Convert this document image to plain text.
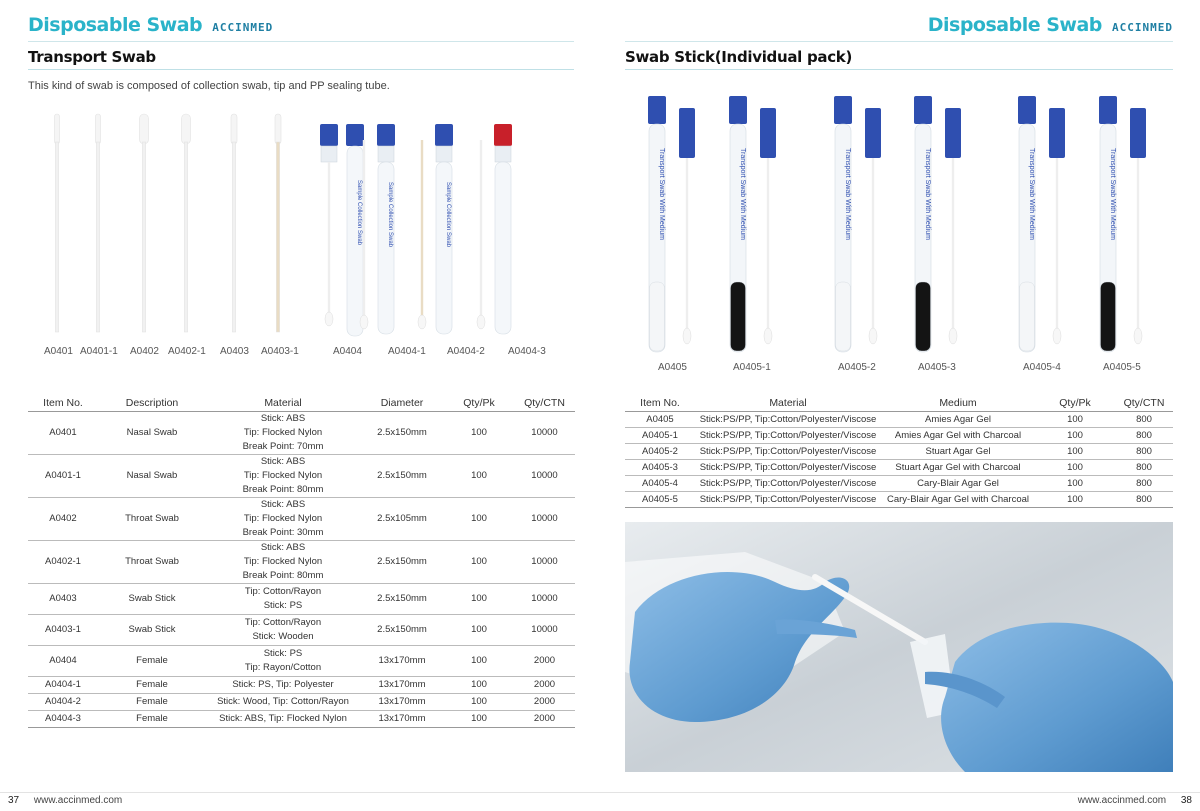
Disposable Swab ACCINMED
Transport Swab
This kind of swab is composed of collection swab, tip and PP sealing tube.
Sample Collection Swab	Sample Collection Swab	Sample Collection Swab
A0401 A0401-1 A0402 A0402-1 A0403 A0403-1	A0404	A0404-1 A0404-2 A0404-3
Item No.	Description	Material	Diameter	Qty/Pk	Qty/CTN
A0401	Nasal Swab	Stick: ABS
Tip: Flocked Nylon
Break Point: 70mm	2.5x150mm	100	10000
A0401-1	Nasal Swab	Stick: ABS
Tip: Flocked Nylon
Break Point: 80mm	2.5x150mm	100	10000
A0402	Throat Swab	Stick: ABS
Tip: Flocked Nylon
Break Point: 30mm	2.5x105mm	100	10000
A0402-1	Throat Swab	Stick: ABS
Tip: Flocked Nylon
Break Point: 80mm	2.5x150mm	100	10000
A0403	Swab Stick	Tip: Cotton/Rayon
Stick: PS	2.5x150mm	100	10000
A0403-1	Swab Stick	Tip: Cotton/Rayon
Stick: Wooden	2.5x150mm	100	10000
A0404	Female	Stick: PS
Tip: Rayon/Cotton	13x170mm	100	2000
A0404-1	Female	Stick: PS, Tip: Polyester	13x170mm	100	2000
A0404-2	Female	Stick: Wood, Tip: Cotton/Rayon	13x170mm	100	2000
A0404-3	Female	Stick: ABS, Tip: Flocked Nylon	13x170mm	100	2000
37 www.accinmed.com
Disposable Swab ACCINMED
Swab Stick(Individual pack)
Transport Swab With Medium	Transport Swab With Medium	Transport Swab With Medium	Transport Swab With Medium	Transport Swab With Medium	Transport Swab With Medium
A0405	A0405-1	A0405-2	A0405-3	A0405-4	A0405-5
Item No.	Material	Medium	Qty/Pk	Qty/CTN
A0405	Stick:PS/PP, Tip:Cotton/Polyester/Viscose	Amies Agar Gel	100	800
A0405-1	Stick:PS/PP, Tip:Cotton/Polyester/Viscose	Amies Agar Gel with Charcoal	100	800
A0405-2	Stick:PS/PP, Tip:Cotton/Polyester/Viscose	Stuart Agar Gel	100	800
A0405-3	Stick:PS/PP, Tip:Cotton/Polyester/Viscose	Stuart Agar Gel with Charcoal	100	800
A0405-4	Stick:PS/PP, Tip:Cotton/Polyester/Viscose	Cary-Blair Agar Gel	100	800
A0405-5	Stick:PS/PP, Tip:Cotton/Polyester/Viscose	Cary-Blair Agar Gel with Charcoal	100	800
www.accinmed.com 38
